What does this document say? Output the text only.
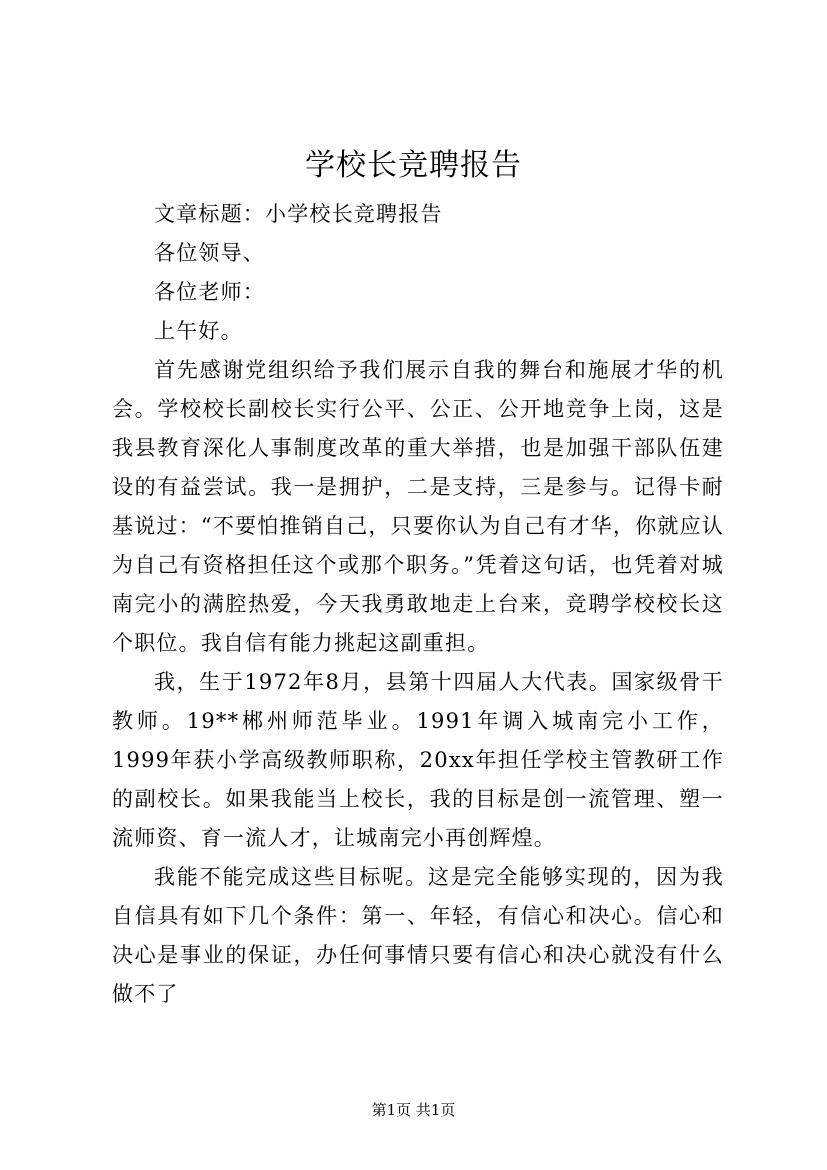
学校长竞聘报告

文章标题：小学校长竞聘报告

各位领导、

各位老师：

上午好。

首先感谢党组织给予我们展示自我的舞台和施展才华的机会。学校校长副校长实行公平、公正、公开地竞争上岗，这是我县教育深化人事制度改革的重大举措，也是加强干部队伍建设的有益尝试。我一是拥护，二是支持，三是参与。记得卡耐基说过：“不要怕推销自己，只要你认为自己有才华，你就应认为自己有资格担任这个或那个职务。”凭着这句话，也凭着对城南完小的满腔热爱，今天我勇敢地走上台来，竞聘学校校长这个职位。我自信有能力挑起这副重担。

我，生于1972年8月，县第十四届人大代表。国家级骨干教师。19**郴州师范毕业。1991年调入城南完小工作，1999年获小学高级教师职称，20xx年担任学校主管教研工作的副校长。如果我能当上校长，我的目标是创一流管理、塑一流师资、育一流人才，让城南完小再创辉煌。

我能不能完成这些目标呢。这是完全能够实现的，因为我自信具有如下几个条件：第一、年轻，有信心和决心。信心和决心是事业的保证，办任何事情只要有信心和决心就没有什么做不了

第1页 共1页
